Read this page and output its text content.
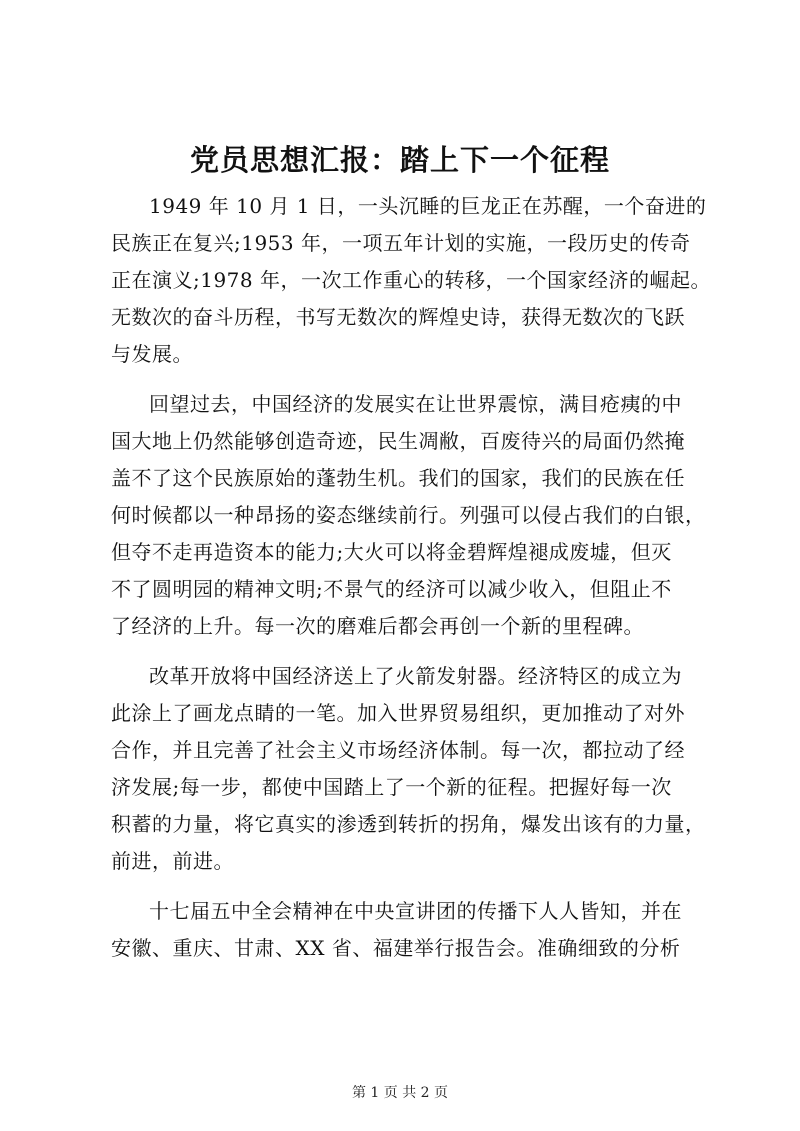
党员思想汇报：踏上下一个征程
1949 年 10 月 1 日，一头沉睡的巨龙正在苏醒，一个奋进的
民族正在复兴;1953 年，一项五年计划的实施，一段历史的传奇
正在演义;1978 年，一次工作重心的转移，一个国家经济的崛起。
无数次的奋斗历程，书写无数次的辉煌史诗，获得无数次的飞跃
与发展。
回望过去，中国经济的发展实在让世界震惊，满目疮痍的中
国大地上仍然能够创造奇迹，民生凋敝，百废待兴的局面仍然掩
盖不了这个民族原始的蓬勃生机。我们的国家，我们的民族在任
何时候都以一种昂扬的姿态继续前行。列强可以侵占我们的白银，
但夺不走再造资本的能力;大火可以将金碧辉煌褪成废墟，但灭
不了圆明园的精神文明;不景气的经济可以减少收入，但阻止不
了经济的上升。每一次的磨难后都会再创一个新的里程碑。
改革开放将中国经济送上了火箭发射器。经济特区的成立为
此涂上了画龙点睛的一笔。加入世界贸易组织，更加推动了对外
合作，并且完善了社会主义市场经济体制。每一次，都拉动了经
济发展;每一步，都使中国踏上了一个新的征程。把握好每一次
积蓄的力量，将它真实的渗透到转折的拐角，爆发出该有的力量，
前进，前进。
十七届五中全会精神在中央宣讲团的传播下人人皆知，并在
安徽、重庆、甘肃、XX 省、福建举行报告会。准确细致的分析
第 1 页 共 2 页
